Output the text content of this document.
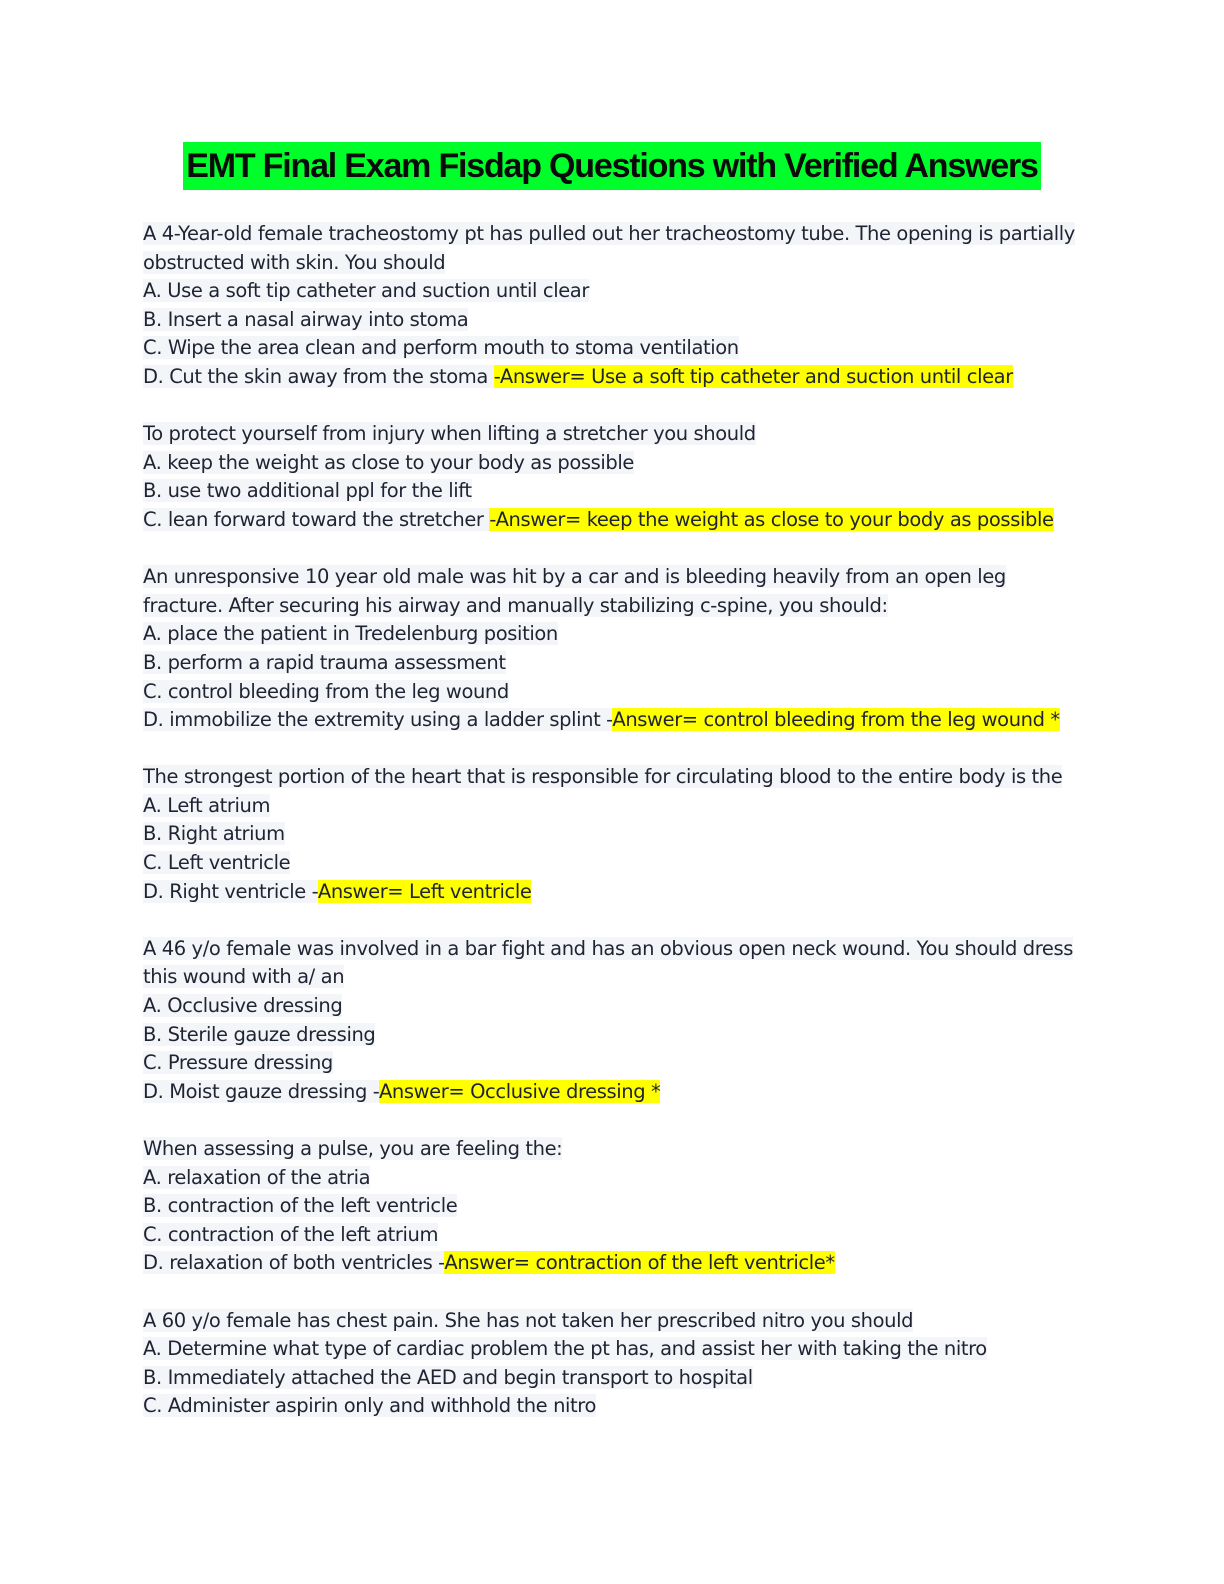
EMT Final Exam Fisdap Questions with Verified Answers
A 4-Year-old female tracheostomy pt has pulled out her tracheostomy tube. The opening is partially
obstructed with skin. You should
A. Use a soft tip catheter and suction until clear
B. Insert a nasal airway into stoma
C. Wipe the area clean and perform mouth to stoma ventilation
D. Cut the skin away from the stoma -Answer= Use a soft tip catheter and suction until clear
To protect yourself from injury when lifting a stretcher you should
A. keep the weight as close to your body as possible
B. use two additional ppl for the lift
C. lean forward toward the stretcher -Answer= keep the weight as close to your body as possible
An unresponsive 10 year old male was hit by a car and is bleeding heavily from an open leg
fracture. After securing his airway and manually stabilizing c-spine, you should:
A. place the patient in Tredelenburg position
B. perform a rapid trauma assessment
C. control bleeding from the leg wound
D. immobilize the extremity using a ladder splint -Answer= control bleeding from the leg wound *
The strongest portion of the heart that is responsible for circulating blood to the entire body is the
A. Left atrium
B. Right atrium
C. Left ventricle
D. Right ventricle -Answer= Left ventricle
A 46 y/o female was involved in a bar fight and has an obvious open neck wound. You should dress
this wound with a/ an
A. Occlusive dressing
B. Sterile gauze dressing
C. Pressure dressing
D. Moist gauze dressing -Answer= Occlusive dressing *
When assessing a pulse, you are feeling the:
A. relaxation of the atria
B. contraction of the left ventricle
C. contraction of the left atrium
D. relaxation of both ventricles -Answer= contraction of the left ventricle*
A 60 y/o female has chest pain. She has not taken her prescribed nitro you should
A. Determine what type of cardiac problem the pt has, and assist her with taking the nitro
B. Immediately attached the AED and begin transport to hospital
C. Administer aspirin only and withhold the nitro
